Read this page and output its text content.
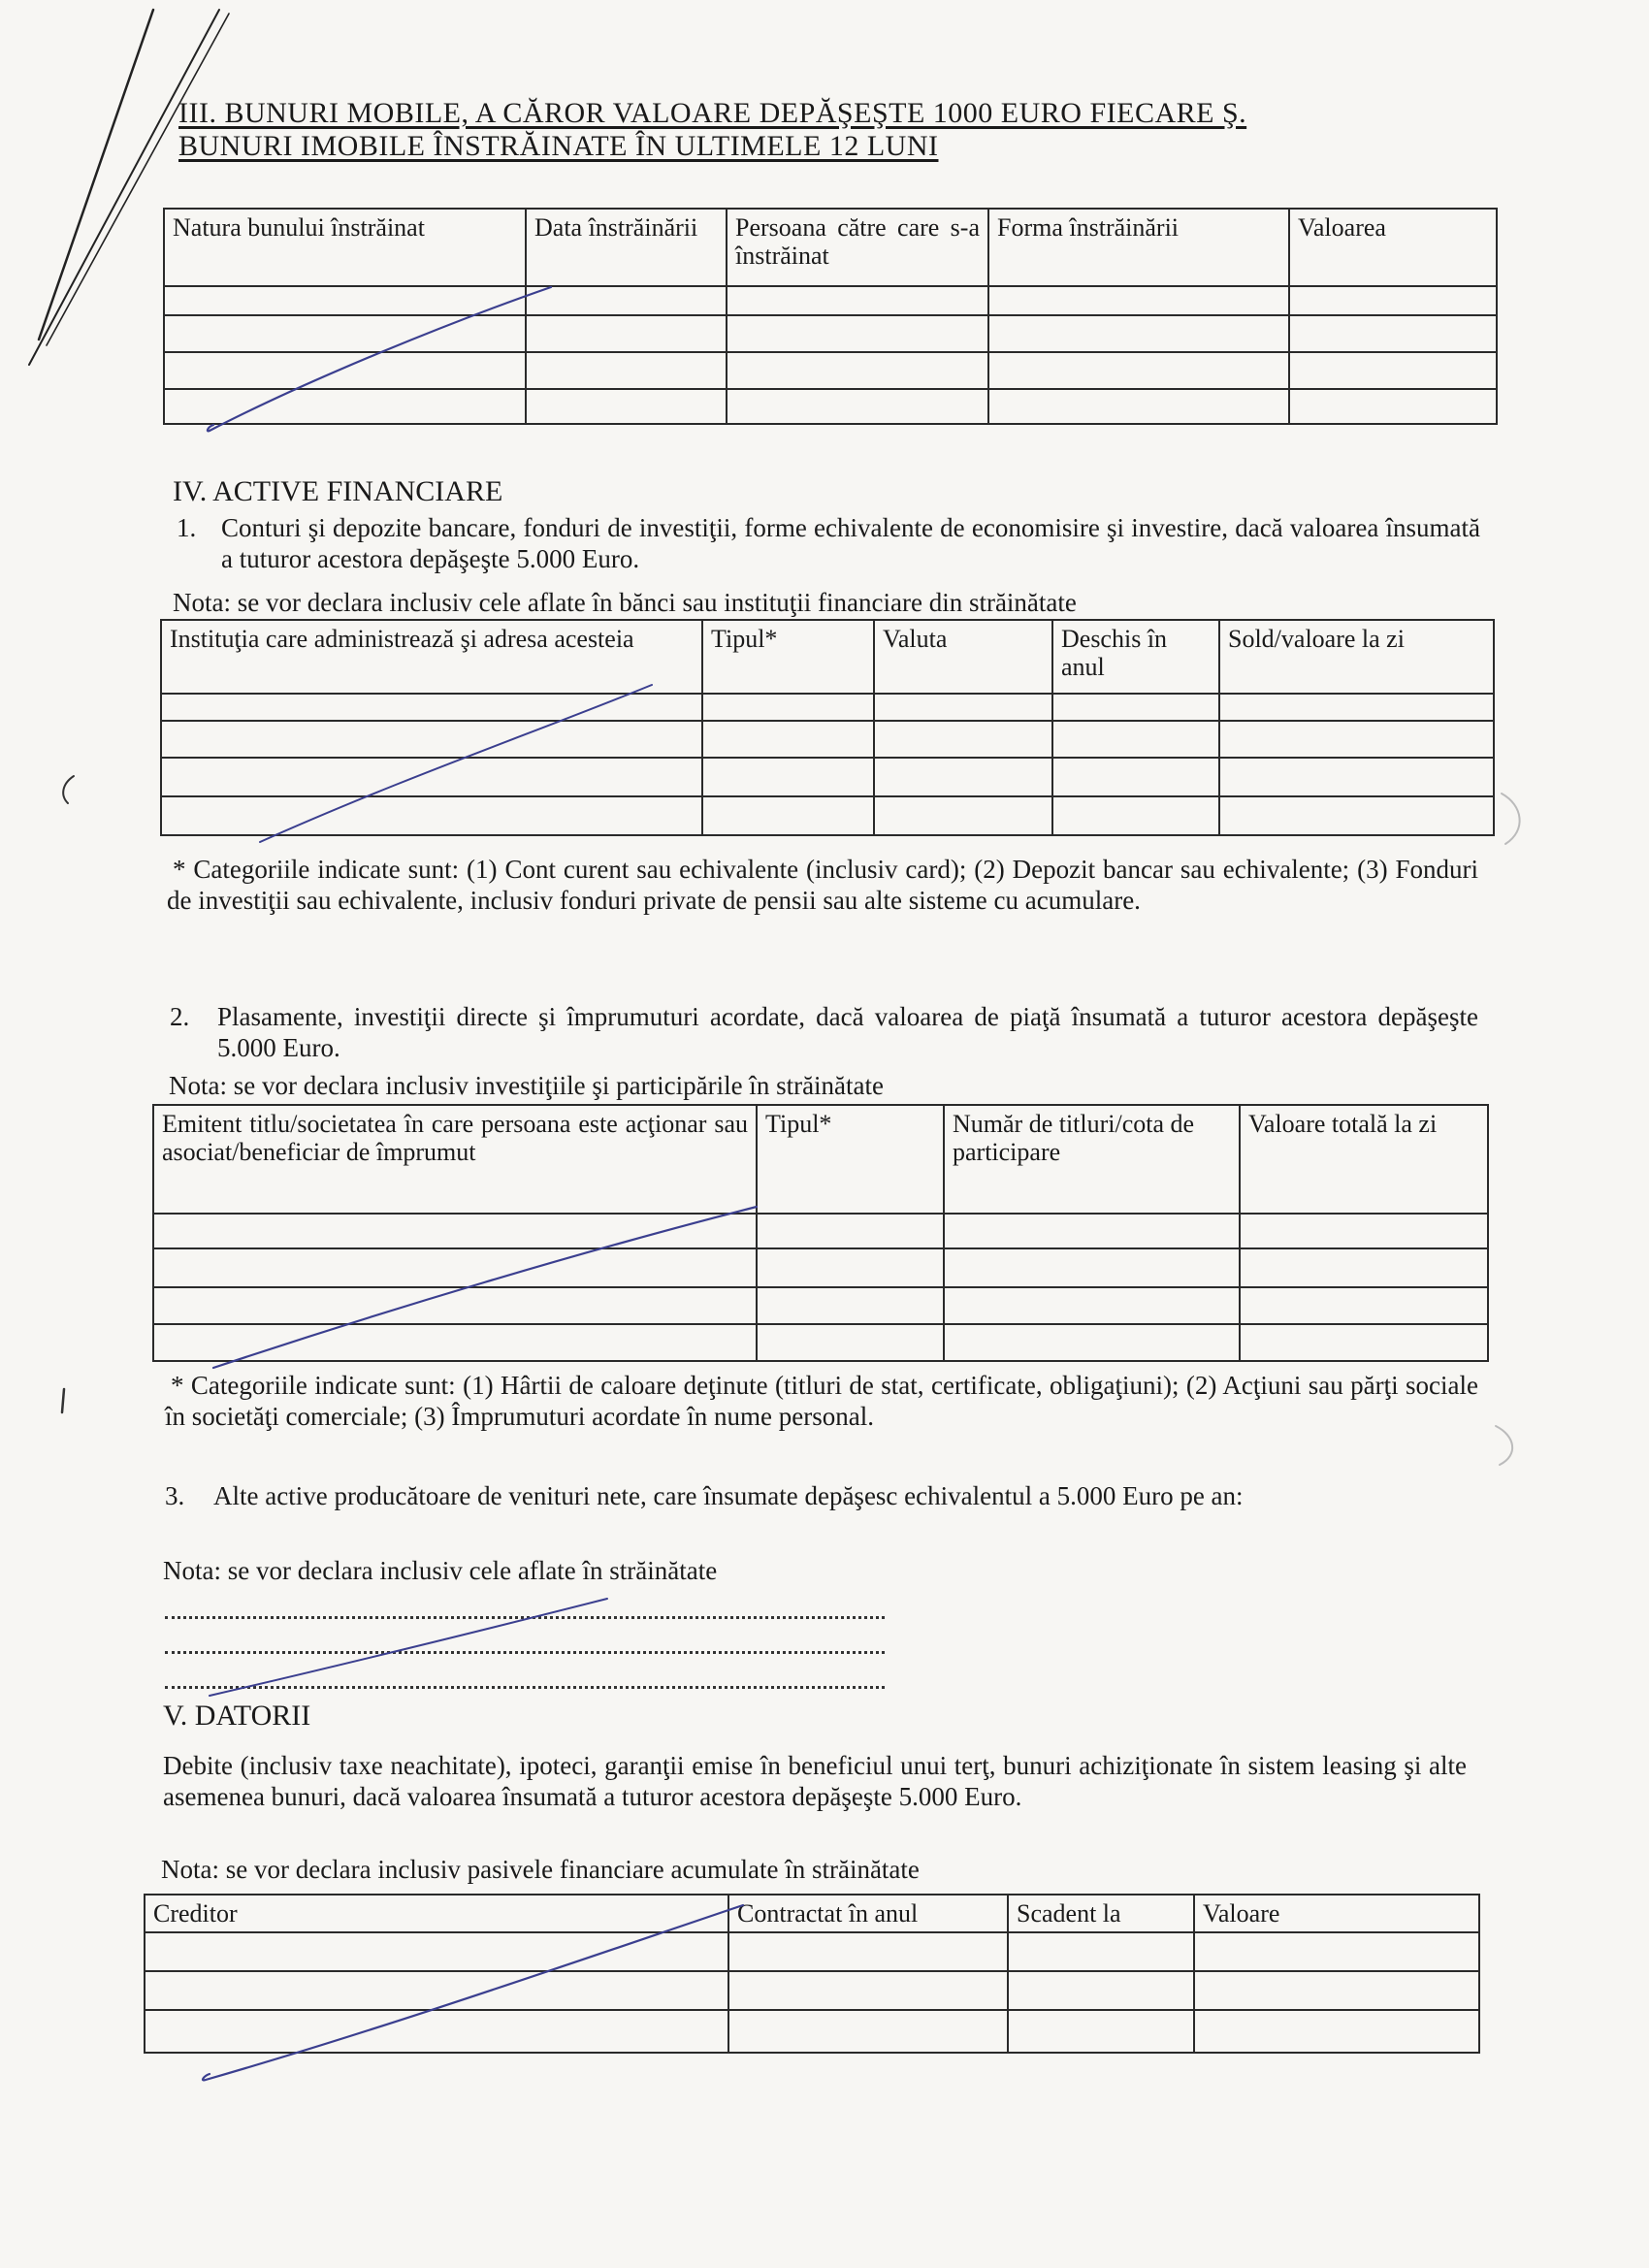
III. BUNURI MOBILE, A CĂROR VALOARE DEPĂŞEŞTE 1000 EURO FIECARE Ş.
BUNURI IMOBILE ÎNSTRĂINATE ÎN ULTIMELE 12 LUNI
Natura bunului înstrăinat	Data înstrăinării	Persoana către care s-a înstrăinat	Forma înstrăinării	Valoarea

IV. ACTIVE FINANCIARE
1. Conturi şi depozite bancare, fonduri de investiţii, forme echivalente de economisire şi investire, dacă valoarea însumată a tuturor acestora depăşeşte 5.000 Euro.
Nota: se vor declara inclusiv cele aflate în bănci sau instituţii financiare din străinătate
Instituţia care administrează şi adresa acesteia	Tipul*	Valuta	Deschis în anul	Sold/valoare la zi

* Categoriile indicate sunt: (1) Cont curent sau echivalente (inclusiv card); (2) Depozit bancar sau echivalente; (3) Fonduri de investiţii sau echivalente, inclusiv fonduri private de pensii sau alte sisteme cu acumulare.
2. Plasamente, investiţii directe şi împrumuturi acordate, dacă valoarea de piaţă însumată a tuturor acestora depăşeşte 5.000 Euro.
Nota: se vor declara inclusiv investiţiile şi participările în străinătate
Emitent titlu/societatea în care persoana este acţionar sau asociat/beneficiar de împrumut	Tipul*	Număr de titluri/cota de participare	Valoare totală la zi

* Categoriile indicate sunt: (1) Hârtii de caloare deţinute (titluri de stat, certificate, obligaţiuni); (2) Acţiuni sau părţi sociale în societăţi comerciale; (3) Împrumuturi acordate în nume personal.
3. Alte active producătoare de venituri nete, care însumate depăşesc echivalentul a 5.000 Euro pe an:
Nota: se vor declara inclusiv cele aflate în străinătate
V. DATORII
Debite (inclusiv taxe neachitate), ipoteci, garanţii emise în beneficiul unui terţ, bunuri achiziţionate în sistem leasing şi alte asemenea bunuri, dacă valoarea însumată a tuturor acestora depăşeşte 5.000 Euro.
Nota: se vor declara inclusiv pasivele financiare acumulate în străinătate
Creditor	Contractat în anul	Scadent la	Valoare
